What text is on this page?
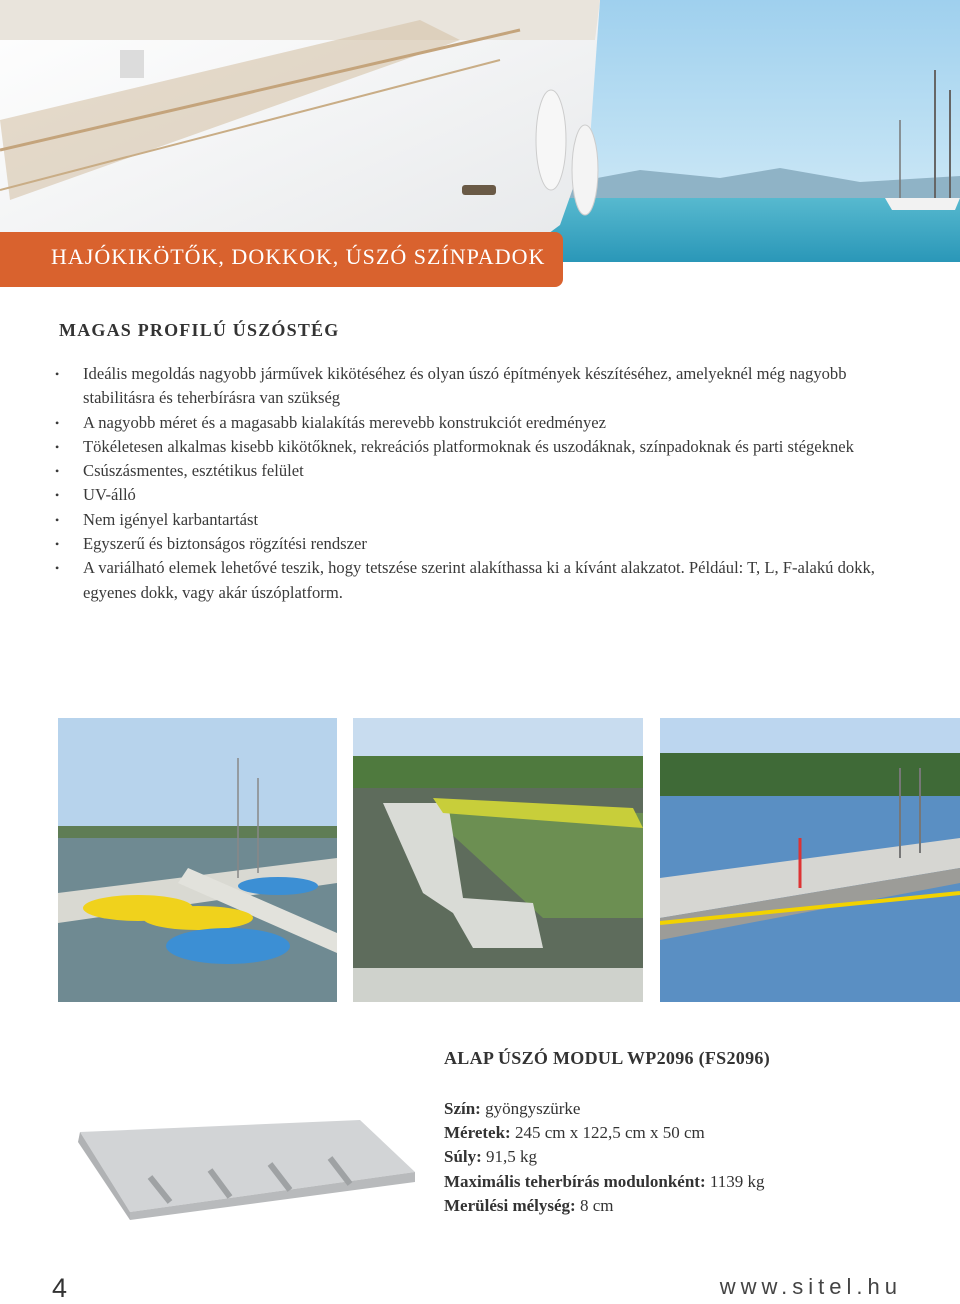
HAJÓKIKÖTŐK, DOKKOK, ÚSZÓ SZÍNPADOK
MAGAS PROFILÚ ÚSZÓSTÉG
• Ideális megoldás nagyobb járművek kikötéséhez és olyan úszó építmények készítéséhez, amelyeknél még nagyobb stabilitásra és teherbírásra van szükség
• A nagyobb méret és a magasabb kialakítás merevebb konstrukciót eredményez
• Tökéletesen alkalmas kisebb kikötőknek, rekreációs platformoknak és uszodáknak, színpadoknak és parti stégeknek
• Csúszásmentes, esztétikus felület
• UV-álló
• Nem igényel karbantartást
• Egyszerű és biztonságos rögzítési rendszer
• A variálható elemek lehetővé teszik, hogy tetszése szerint alakíthassa ki a kívánt alakzatot. Például: T, L, F-alakú dokk, egyenes dokk, vagy akár úszóplatform.
ALAP ÚSZÓ MODUL WP2096 (FS2096)
Szín: gyöngyszürke
Méretek: 245 cm x 122,5 cm x 50 cm
Súly: 91,5 kg
Maximális teherbírás modulonként: 1139 kg
Merülési mélység: 8 cm
4	www.sitel.hu
